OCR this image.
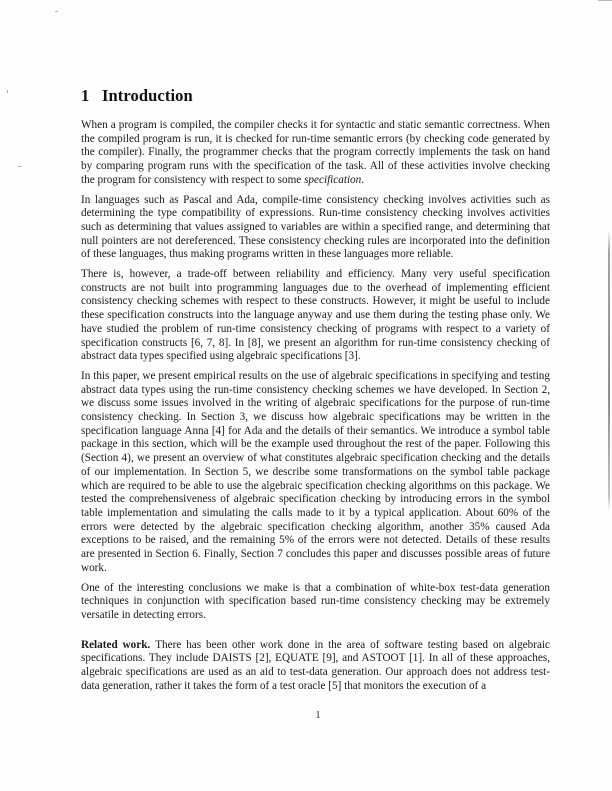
1 Introduction

When a program is compiled, the compiler checks it for syntactic and static semantic correctness. When the compiled program is run, it is checked for run-time semantic errors (by checking code generated by the compiler). Finally, the programmer checks that the program correctly implements the task on hand by comparing program runs with the specification of the task. All of these activities involve checking the program for consistency with respect to some specification.

In languages such as Pascal and Ada, compile-time consistency checking involves activities such as determining the type compatibility of expressions. Run-time consistency checking involves activities such as determining that values assigned to variables are within a specified range, and determining that null pointers are not dereferenced. These consistency checking rules are incorporated into the definition of these languages, thus making programs written in these languages more reliable.

There is, however, a trade-off between reliability and efficiency. Many very useful specification constructs are not built into programming languages due to the overhead of implementing efficient consistency checking schemes with respect to these constructs. However, it might be useful to include these specification constructs into the language anyway and use them during the testing phase only. We have studied the problem of run-time consistency checking of programs with respect to a variety of specification constructs [6, 7, 8]. In [8], we present an algorithm for run-time consistency checking of abstract data types specified using algebraic specifications [3].

In this paper, we present empirical results on the use of algebraic specifications in specifying and testing abstract data types using the run-time consistency checking schemes we have developed. In Section 2, we discuss some issues involved in the writing of algebraic specifications for the purpose of run-time consistency checking. In Section 3, we discuss how algebraic specifications may be written in the specification language Anna [4] for Ada and the details of their semantics. We introduce a symbol table package in this section, which will be the example used throughout the rest of the paper. Following this (Section 4), we present an overview of what constitutes algebraic specification checking and the details of our implementation. In Section 5, we describe some transformations on the symbol table package which are required to be able to use the algebraic specification checking algorithms on this package. We tested the comprehensiveness of algebraic specification checking by introducing errors in the symbol table implementation and simulating the calls made to it by a typical application. About 60% of the errors were detected by the algebraic specification checking algorithm, another 35% caused Ada exceptions to be raised, and the remaining 5% of the errors were not detected. Details of these results are presented in Section 6. Finally, Section 7 concludes this paper and discusses possible areas of future work.

One of the interesting conclusions we make is that a combination of white-box test-data generation techniques in conjunction with specification based run-time consistency checking may be extremely versatile in detecting errors.

Related work. There has been other work done in the area of software testing based on algebraic specifications. They include DAISTS [2], EQUATE [9], and ASTOOT [1]. In all of these approaches, algebraic specifications are used as an aid to test-data generation. Our approach does not address test-data generation, rather it takes the form of a test oracle [5] that monitors the execution of a

1
